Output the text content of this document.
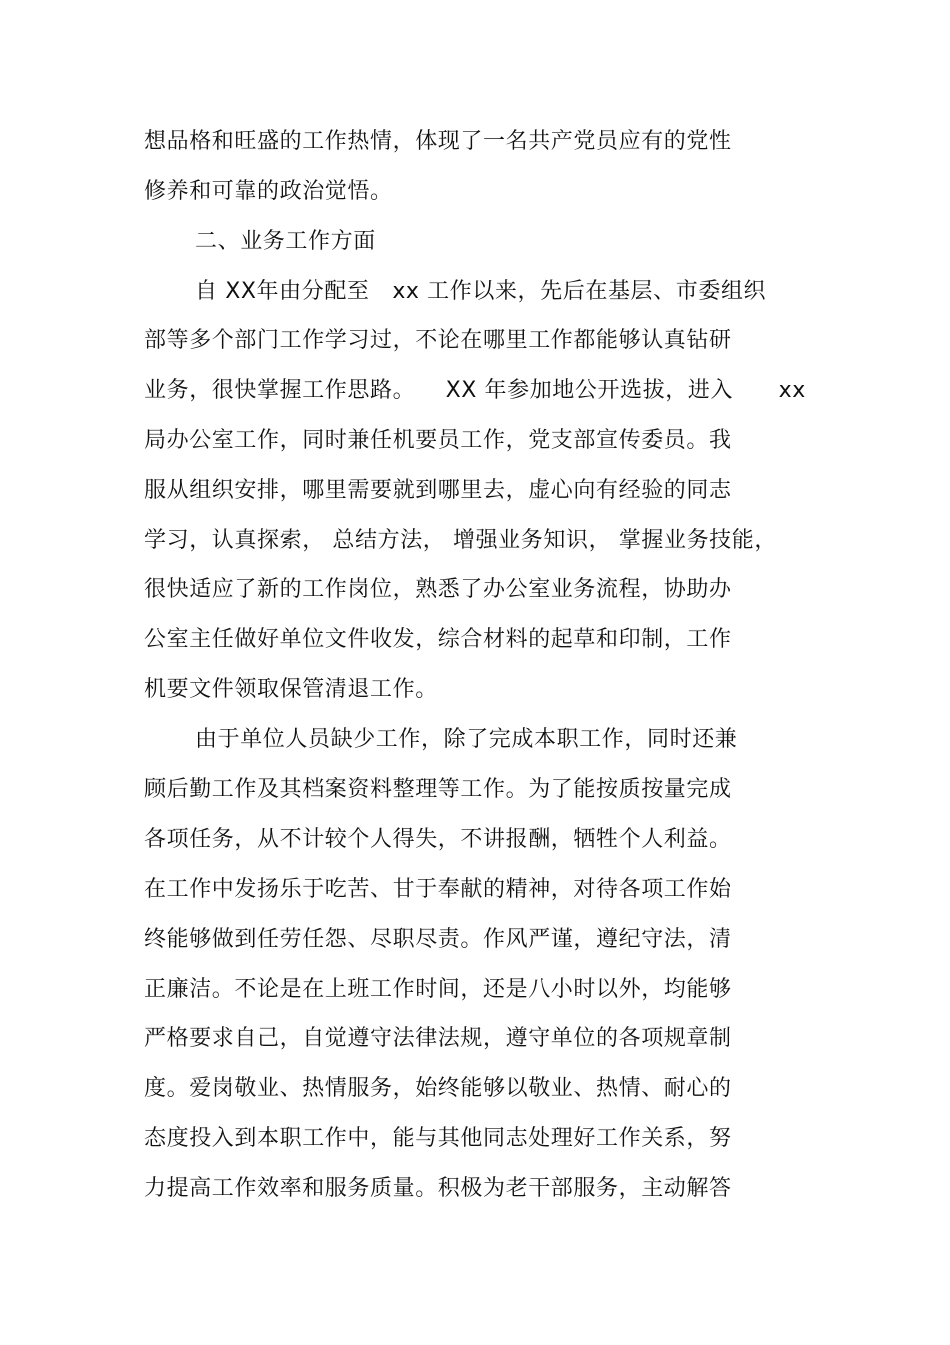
想品格和旺盛的工作热情，体现了一名共产党员应有的党性
修养和可靠的政治觉悟。
二、业务工作方面
自 XX年由分配至   xx 工作以来，先后在基层、市委组织
部等多个部门工作学习过，不论在哪里工作都能够认真钻研
业务，很快掌握工作思路。    XX 年参加地公开选拔，进入      xx
局办公室工作，同时兼任机要员工作，党支部宣传委员。我
服从组织安排，哪里需要就到哪里去，虚心向有经验的同志
学习，认真探索， 总结方法， 增强业务知识， 掌握业务技能，
很快适应了新的工作岗位，熟悉了办公室业务流程，协助办
公室主任做好单位文件收发，综合材料的起草和印制，工作
机要文件领取保管清退工作。
由于单位人员缺少工作，除了完成本职工作，同时还兼
顾后勤工作及其档案资料整理等工作。为了能按质按量完成
各项任务，从不计较个人得失，不讲报酬，牺牲个人利益。
在工作中发扬乐于吃苦、甘于奉献的精神，对待各项工作始
终能够做到任劳任怨、尽职尽责。作风严谨，遵纪守法，清
正廉洁。不论是在上班工作时间，还是八小时以外，均能够
严格要求自己，自觉遵守法律法规，遵守单位的各项规章制
度。爱岗敬业、热情服务，始终能够以敬业、热情、耐心的
态度投入到本职工作中，能与其他同志处理好工作关系，努
力提高工作效率和服务质量。积极为老干部服务，主动解答
